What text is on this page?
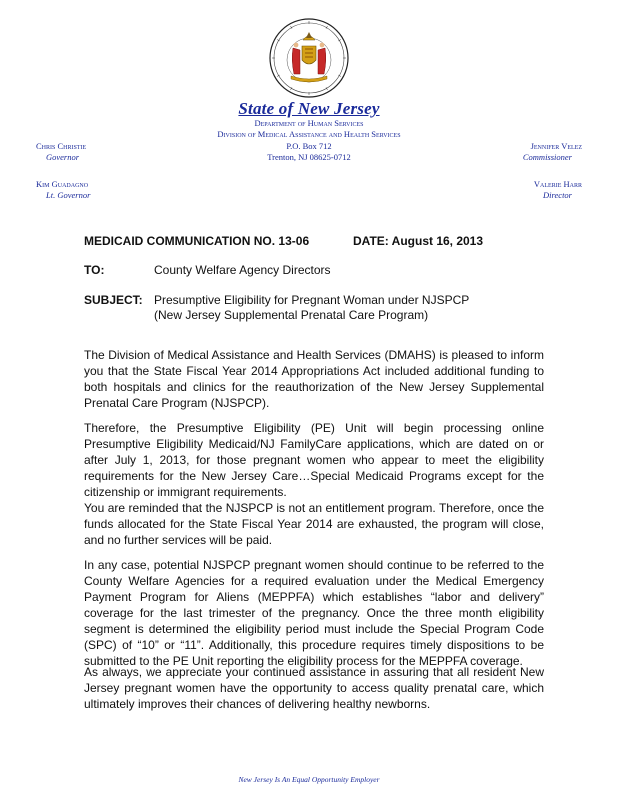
State of New Jersey
Department of Human Services
Division of Medical Assistance and Health Services
P.O. Box 712
Trenton, NJ 08625-0712
Chris Christie
Governor
Kim Guadagno
Lt. Governor
Jennifer Velez
Commissioner
Valerie Harr
Director
MEDICAID COMMUNICATION NO. 13-06	DATE: August 16, 2013
TO:	County Welfare Agency Directors
SUBJECT: Presumptive Eligibility for Pregnant Woman under NJSPCP
(New Jersey Supplemental Prenatal Care Program)

The Division of Medical Assistance and Health Services (DMAHS) is pleased to inform you that the State Fiscal Year 2014 Appropriations Act included additional funding to both hospitals and clinics for the reauthorization of the New Jersey Supplemental Prenatal Care Program (NJSPCP).

Therefore, the Presumptive Eligibility (PE) Unit will begin processing online Presumptive Eligibility Medicaid/NJ FamilyCare applications, which are dated on or after July 1, 2013, for those pregnant women who appear to meet the eligibility requirements for the New Jersey Care…Special Medicaid Programs except for the citizenship or immigrant requirements.

You are reminded that the NJSPCP is not an entitlement program. Therefore, once the funds allocated for the State Fiscal Year 2014 are exhausted, the program will close, and no further services will be paid.

In any case, potential NJSPCP pregnant women should continue to be referred to the County Welfare Agencies for a required evaluation under the Medical Emergency Payment Program for Aliens (MEPPFA) which establishes “labor and delivery” coverage for the last trimester of the pregnancy. Once the three month eligibility segment is determined the eligibility period must include the Special Program Code (SPC) of “10” or “11”. Additionally, this procedure requires timely dispositions to be submitted to the PE Unit reporting the eligibility process for the MEPPFA coverage.

As always, we appreciate your continued assistance in assuring that all resident New Jersey pregnant women have the opportunity to access quality prenatal care, which ultimately improves their chances of delivering healthy newborns.

New Jersey Is An Equal Opportunity Employer
